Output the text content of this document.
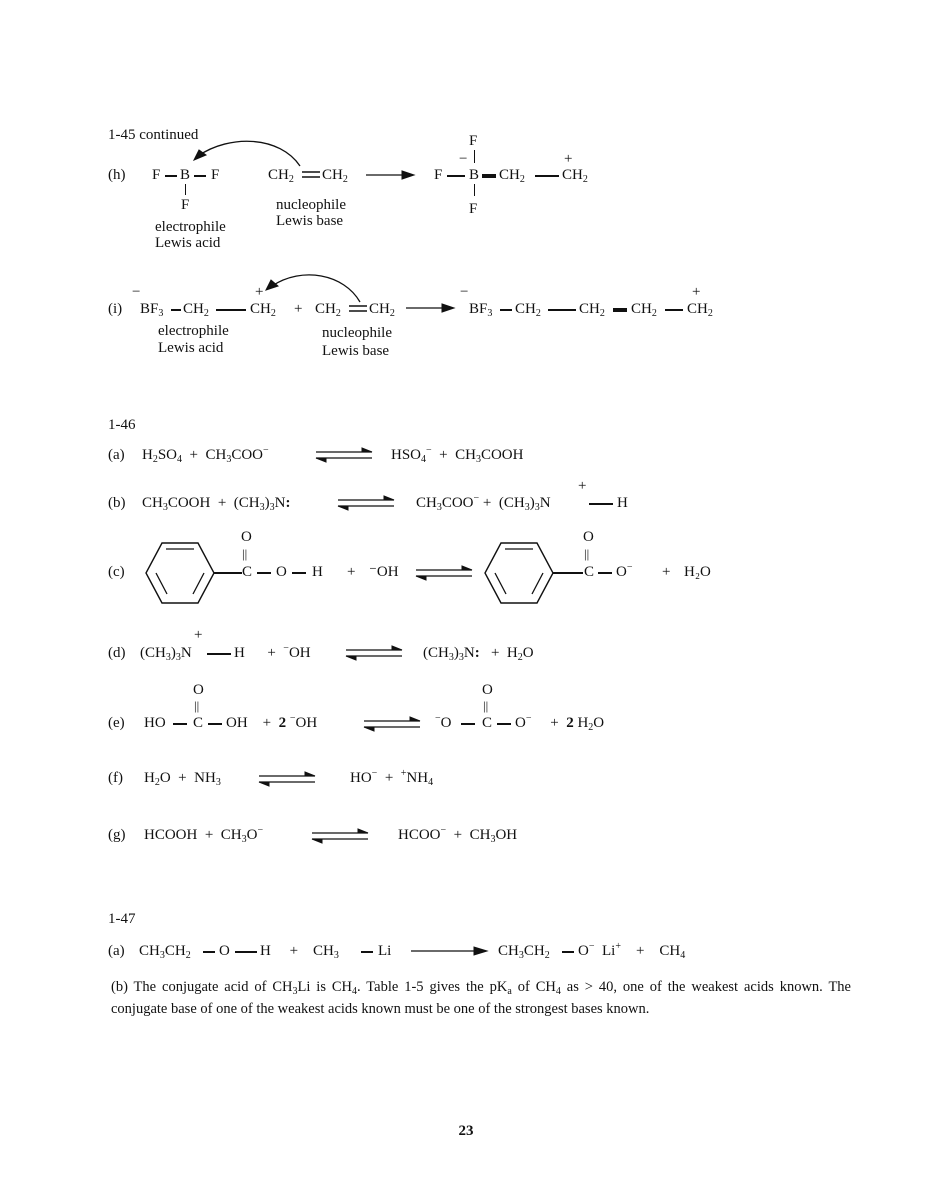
1-45 continued
(h) F B F
F
$CH_2$ $CH_2$ →
F
−
F B $CH_2$
+
$CH_2$
F
electrophile
Lewis acid
nucleophile
Lewis base
(i)
−
$BF_3$ $CH_2$
+
$CH_2 + CH_2$ $CH_2$ →
−
$BF_3$ $CH_2$	$CH_2$ $CH_2$
+
$CH_2$
electrophile
Lewis acid
nucleophile
Lewis base
1-46
(a) $H_2SO_4 + CH_3COO^-$	⇌ $HSO_4^-$  +  $CH_3COOH$
(b) $CH_3COOH + (CH_3)_3N$:	⇌ $CH_3COO^- + (CH_3)_3N$
+
H
(c)
O
||
C O H + ⁻OH ⇌
O
||
C O− + H₂O
(d)
+
$(CH_3)_3N$	H      +  −OH ⇌ $(CH_3)_3N$:   +  $H_2O$
(e)
O
||
HO C OH    +  2 −OH
O
||
−O C O−     +  2 $H_2O$
(f) $H_2O + NH_3$	$HO^- + ^+NH_4$
(g) HCOOH  +  $CH_3O^-$	HCOO−  +  $CH_3OH$
1-47
(a) $CH_3CH_2$ O H     +    $CH_3$	Li	$CH_3CH_2$ O−  Li+    +    $CH_4$
(b) The conjugate acid of $CH_3Li$ is $CH_4$. Table 1-5 gives the $pK_a$ of $CH_4$ as > 40, one of the weakest acids known. The conjugate base of one of the weakest acids known must be one of the strongest bases known.
23
